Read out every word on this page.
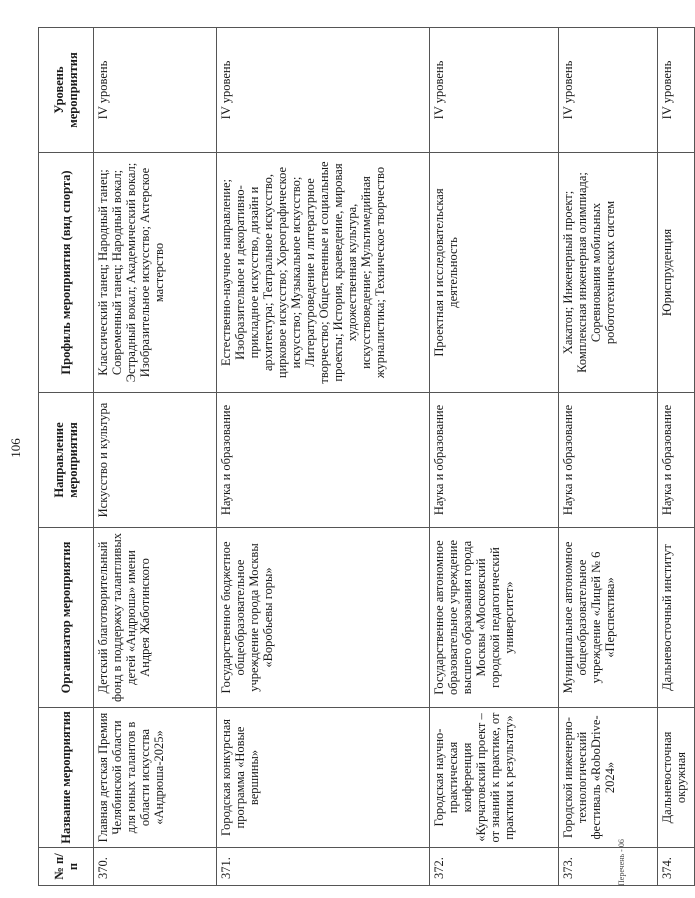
106
№ п/п	Название мероприятия	Организатор мероприятия	Направление мероприятия	Профиль мероприятия (вид спорта)	Уровень мероприятия
370.	Главная детская Премия Челябинской области для юных талантов в области искусства «Андрюша-2025»	Детский благотворительный фонд в поддержку талантливых детей «Андрюша» имени Андрея Жаботинского	Искусство и культура	Классический танец; Народный танец; Современный танец; Народный вокал; Эстрадный вокал; Академический вокал; Изобразительное искусство; Актерское мастерство	IV уровень
371.	Городская конкурсная программа «Новые вершины»	Государственное бюджетное общеобразовательное учреждение города Москвы «Воробьевы горы»	Наука и образование	Естественно-научное направление; Изобразительное и декоративно-прикладное искусство, дизайн и архитектура; Театральное искусство, цирковое искусство; Хореографическое искусство; Музыкальное искусство; Литературоведение и литературное творчество; Общественные и социальные проекты; История, краеведение, мировая художественная культура, искусствоведение; Мультимедийная журналистика; Техническое творчество	IV уровень
372.	Городская научно-практическая конференция «Курчатовский проект – от знаний к практике, от практики к результату»	Государственное автономное образовательное учреждение высшего образования города Москвы «Московский городской педагогический университет»	Наука и образование	Проектная и исследовательская деятельность	IV уровень
373.	Городской инженерно-технологический фестиваль «RoboDrive-2024»	Муниципальное автономное общеобразовательное учреждение «Лицей № 6 «Перспектива»	Наука и образование	Хакатон; Инженерный проект; Комплексная инженерная олимпиада; Соревнования мобильных робототехнических систем	IV уровень
374.	Дальневосточная окружная	Дальневосточный институт	Наука и образование	Юриспруденция	IV уровень
Перечень - 06
